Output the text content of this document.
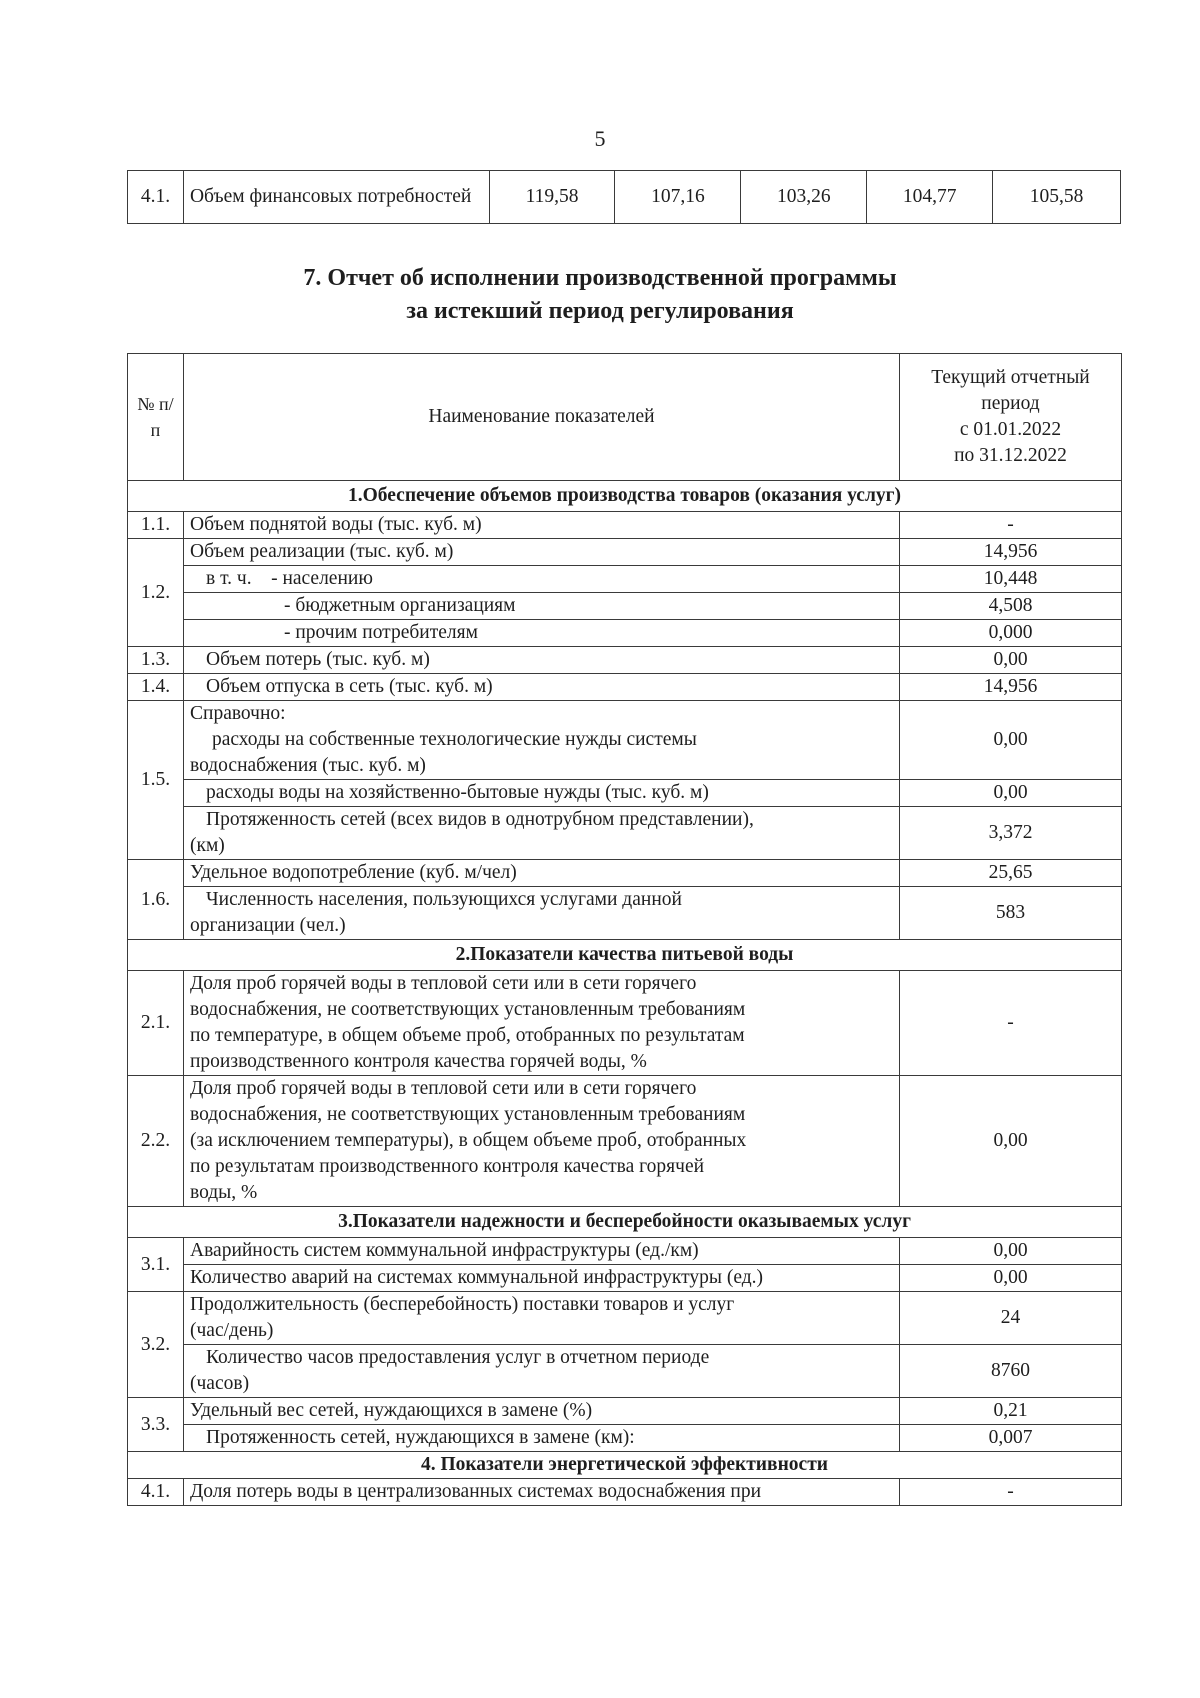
5
4.1.	Объем финансовых потребностей	119,58	107,16	103,26	104,77	105,58
7. Отчет об исполнении производственной программы
за истекший период регулирования
№ п/п	Наименование показателей	Текущий отчетный
период
с 01.01.2022
по 31.12.2022

1.Обеспечение объемов производства товаров (оказания услуг)		
1.1.	Объем поднятой воды (тыс. куб. м)	-
1.2.	Объем реализации (тыс. куб. м)	14,956
	в т. ч.    - населению	10,448
	- бюджетным организациям	4,508
	- прочим потребителям	0,000
1.3.	Объем потерь (тыс. куб. м)	0,00
1.4.	Объем отпуска в сеть (тыс. куб. м)	14,956
1.5.	Справочно:
расходы на собственные технологические нужды системы
водоснабжения (тыс. куб. м)	0,00
	расходы воды на хозяйственно-бытовые нужды (тыс. куб. м)	0,00

	Протяженность сетей (всех видов в однотрубном представлении),
(км)	3,372
1.6.	Удельное водопотребление (куб. м/чел)	25,65

	Численность населения, пользующихся услугами данной
организации (чел.)	583
2.Показатели качества питьевой воды		
2.1.	Доля проб горячей воды в тепловой сети или в сети горячего
водоснабжения, не соответствующих установленным требованиям
по температуре, в общем объеме проб, отобранных по результатам
производственного контроля качества горячей воды, %	-
2.2.	Доля проб горячей воды в тепловой сети или в сети горячего
водоснабжения, не соответствующих установленным требованиям
(за исключением температуры), в общем объеме проб, отобранных
по результатам производственного контроля качества горячей
воды, %	0,00
3.Показатели надежности и бесперебойности оказываемых услуг		
3.1.	Аварийность систем коммунальной инфраструктуры (ед./км)	0,00
	Количество аварий на системах коммунальной инфраструктуры (ед.)	0,00
3.2.	Продолжительность (бесперебойность) поставки товаров и услуг
(час/день)	24

	Количество часов предоставления услуг в отчетном периоде
(часов)	8760
3.3.	Удельный вес сетей, нуждающихся в замене (%)	0,21
	Протяженность сетей, нуждающихся в замене (км):	0,007
4. Показатели энергетической эффективности		
4.1.	Доля потерь воды в централизованных системах водоснабжения при	-
